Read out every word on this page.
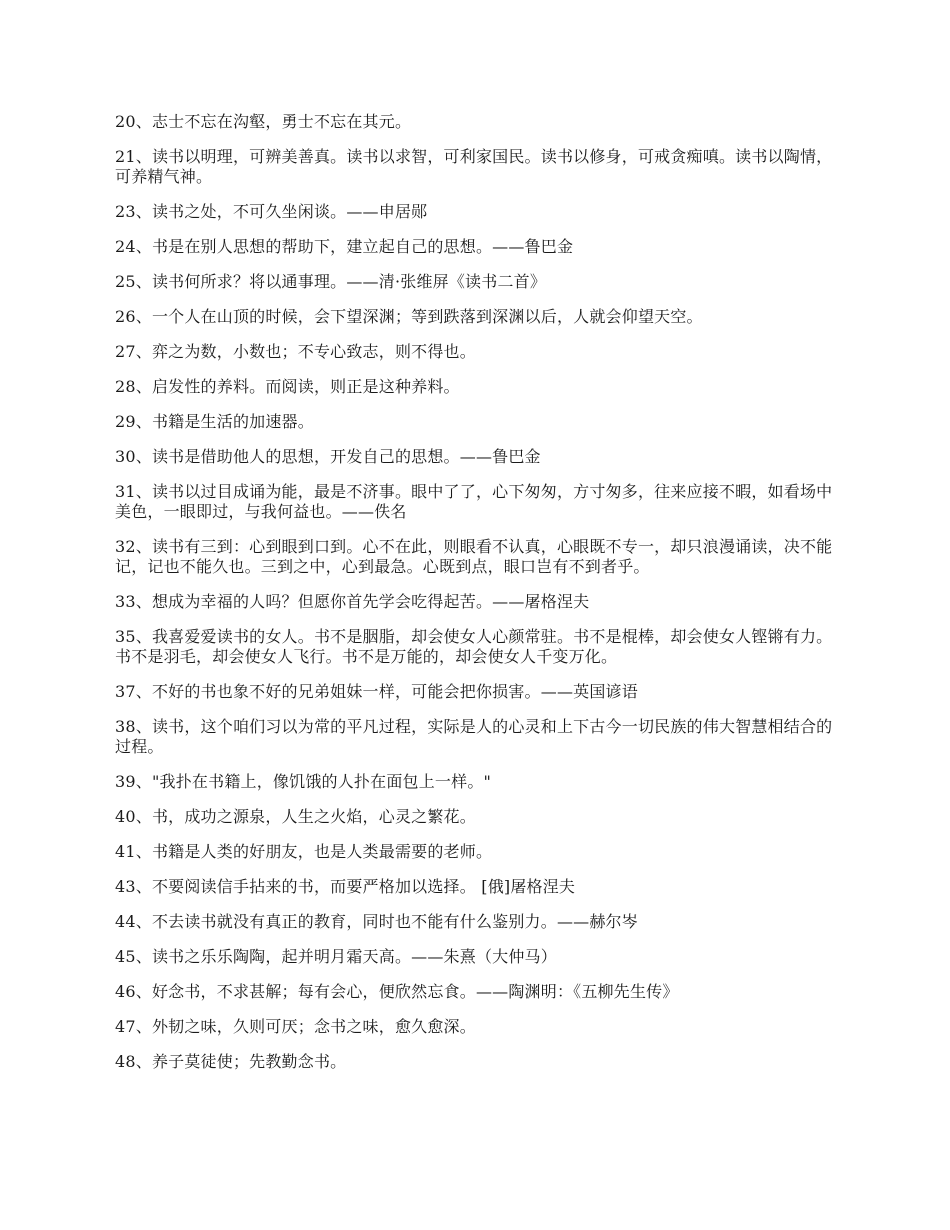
20、志士不忘在沟壑，勇士不忘在其元。

21、读书以明理，可辨美善真。读书以求智，可利家国民。读书以修身，可戒贪痴嗔。读书以陶情，可养精气神。

23、读书之处，不可久坐闲谈。——申居郧

24、书是在别人思想的帮助下，建立起自己的思想。——鲁巴金

25、读书何所求？将以通事理。——清·张维屏《读书二首》

26、一个人在山顶的时候，会下望深渊；等到跌落到深渊以后，人就会仰望天空。

27、弈之为数，小数也；不专心致志，则不得也。

28、启发性的养料。而阅读，则正是这种养料。

29、书籍是生活的加速器。

30、读书是借助他人的思想，开发自己的思想。——鲁巴金

31、读书以过目成诵为能，最是不济事。眼中了了，心下匆匆，方寸匆多，往来应接不暇，如看场中美色，一眼即过，与我何益也。——佚名

32、读书有三到：心到眼到口到。心不在此，则眼看不认真，心眼既不专一，却只浪漫诵读，决不能记，记也不能久也。三到之中，心到最急。心既到点，眼口岂有不到者乎。

33、想成为幸福的人吗？但愿你首先学会吃得起苦。——屠格涅夫

35、我喜爱爱读书的女人。书不是胭脂，却会使女人心颜常驻。书不是棍棒，却会使女人铿锵有力。书不是羽毛，却会使女人飞行。书不是万能的，却会使女人千变万化。

37、不好的书也象不好的兄弟姐妹一样，可能会把你损害。——英国谚语

38、读书，这个咱们习以为常的平凡过程，实际是人的心灵和上下古今一切民族的伟大智慧相结合的过程。

39、"我扑在书籍上，像饥饿的人扑在面包上一样。"

40、书，成功之源泉，人生之火焰，心灵之繁花。

41、书籍是人类的好朋友，也是人类最需要的老师。

43、不要阅读信手拈来的书，而要严格加以选择。 [俄]屠格涅夫

44、不去读书就没有真正的教育，同时也不能有什么鉴别力。——赫尔岑

45、读书之乐乐陶陶，起并明月霜天高。——朱熹（大仲马）

46、好念书，不求甚解；每有会心，便欣然忘食。——陶渊明：《五柳先生传》

47、外韧之味，久则可厌；念书之味，愈久愈深。

48、养子莫徒使；先教勤念书。
